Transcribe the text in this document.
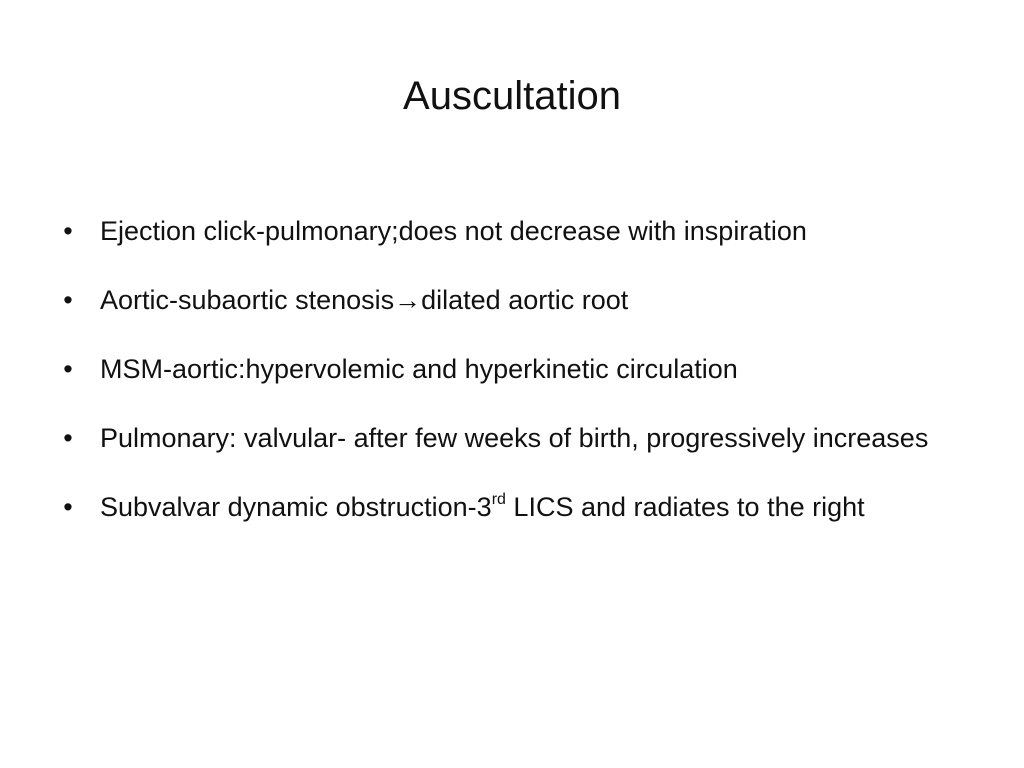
Auscultation
• Ejection click-pulmonary;does not decrease with inspiration
• Aortic-subaortic stenosis→dilated aortic root
• MSM-aortic:hypervolemic and hyperkinetic circulation
• Pulmonary: valvular- after few weeks of birth, progressively increases
• Subvalvar dynamic obstruction-3rd LICS and radiates to the right
